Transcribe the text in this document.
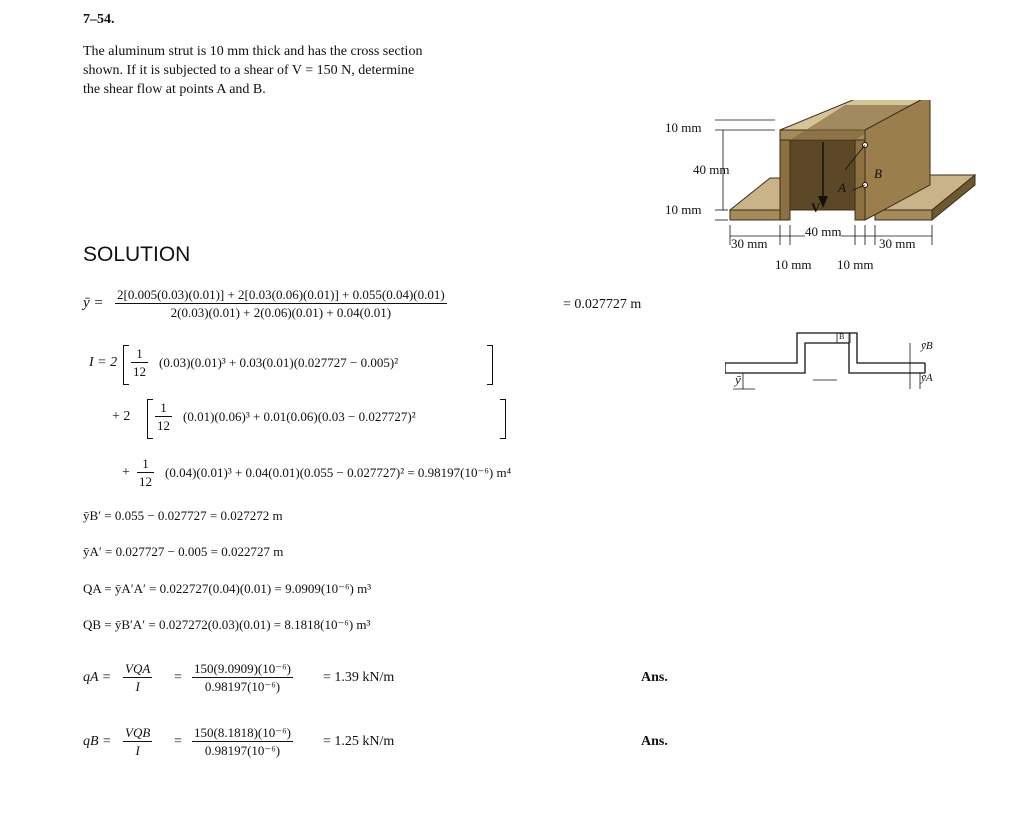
7–54.
The aluminum strut is 10 mm thick and has the cross section
shown. If it is subjected to a shear of V = 150 N, determine
the shear flow at points A and B.
10 mm
40 mm
10 mm
30 mm
40 mm
30 mm
10 mm 10 mm
B
A
V
ȳ
ȳB
ȳA
B
SOLUTION
ȳ =
2[0.005(0.03)(0.01)] + 2[0.03(0.06)(0.01)] + 0.055(0.04)(0.01)
2(0.03)(0.01) + 2(0.06)(0.01) + 0.04(0.01)
= 0.027727 m
I = 2
1
12
(0.03)(0.01)³ + 0.03(0.01)(0.027727 − 0.005)²
+ 2
1
12
(0.01)(0.06)³ + 0.01(0.06)(0.03 − 0.027727)²
+
1
12
(0.04)(0.01)³ + 0.04(0.01)(0.055 − 0.027727)² = 0.98197(10⁻⁶) m⁴
ȳB′ = 0.055 − 0.027727 = 0.027272 m
ȳA′ = 0.027727 − 0.005 = 0.022727 m
QA = ȳA′A′ = 0.022727(0.04)(0.01) = 9.0909(10⁻⁶) m³
QB = ȳB′A′ = 0.027272(0.03)(0.01) = 8.1818(10⁻⁶) m³
qA =
VQA
I
=
150(9.0909)(10⁻⁶)
0.98197(10⁻⁶)
= 1.39 kN/m	Ans.
qB =
VQB
I
=
150(8.1818)(10⁻⁶)
0.98197(10⁻⁶)
= 1.25 kN/m	Ans.
